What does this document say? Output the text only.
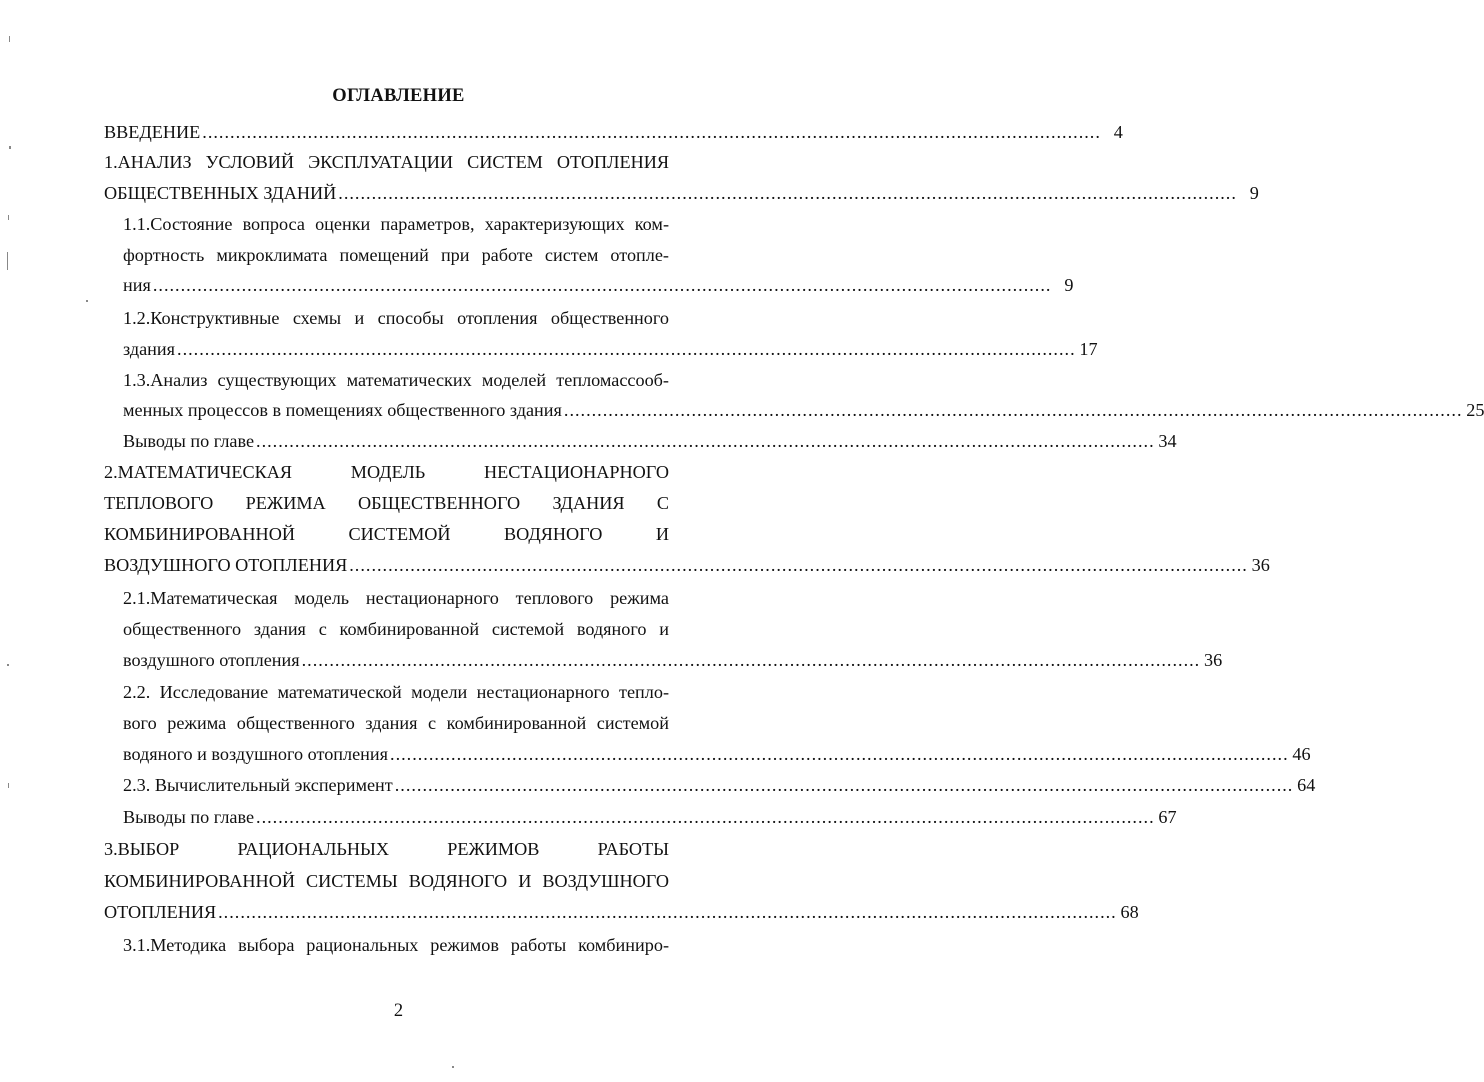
ОГЛАВЛЕНИЕ
ВВЕДЕНИЕ .................................................................................................................................................................. 4
1.АНАЛИЗ УСЛОВИЙ ЭКСПЛУАТАЦИИ СИСТЕМ ОТОПЛЕНИЯ
ОБЩЕСТВЕННЫХ ЗДАНИЙ .................................................................................................................................................................. 9
1.1.Состояние вопроса оценки параметров, характеризующих ком-
фортность микроклимата помещений при работе систем отопле-
ния .................................................................................................................................................................. 9
1.2.Конструктивные схемы и способы отопления общественного
здания .................................................................................................................................................................. 17
1.3.Анализ существующих математических моделей тепломассооб-
менных процессов в помещениях общественного здания .................................................................................................................................................................. 25
Выводы по главе .................................................................................................................................................................. 34
2.МАТЕМАТИЧЕСКАЯ МОДЕЛЬ НЕСТАЦИОНАРНОГО
ТЕПЛОВОГО РЕЖИМА ОБЩЕСТВЕННОГО ЗДАНИЯ С
КОМБИНИРОВАННОЙ СИСТЕМОЙ ВОДЯНОГО И
ВОЗДУШНОГО ОТОПЛЕНИЯ .................................................................................................................................................................. 36
2.1.Математическая модель нестационарного теплового режима
общественного здания с комбинированной системой водяного и
воздушного отопления .................................................................................................................................................................. 36
2.2. Исследование математической модели нестационарного тепло-
вого режима общественного здания с комбинированной системой
водяного и воздушного отопления .................................................................................................................................................................. 46
2.3. Вычислительный эксперимент .................................................................................................................................................................. 64
Выводы по главе .................................................................................................................................................................. 67
3.ВЫБОР РАЦИОНАЛЬНЫХ РЕЖИМОВ РАБОТЫ
КОМБИНИРОВАННОЙ СИСТЕМЫ ВОДЯНОГО И ВОЗДУШНОГО
ОТОПЛЕНИЯ .................................................................................................................................................................. 68
3.1.Методика выбора рациональных режимов работы комбиниро-
2
